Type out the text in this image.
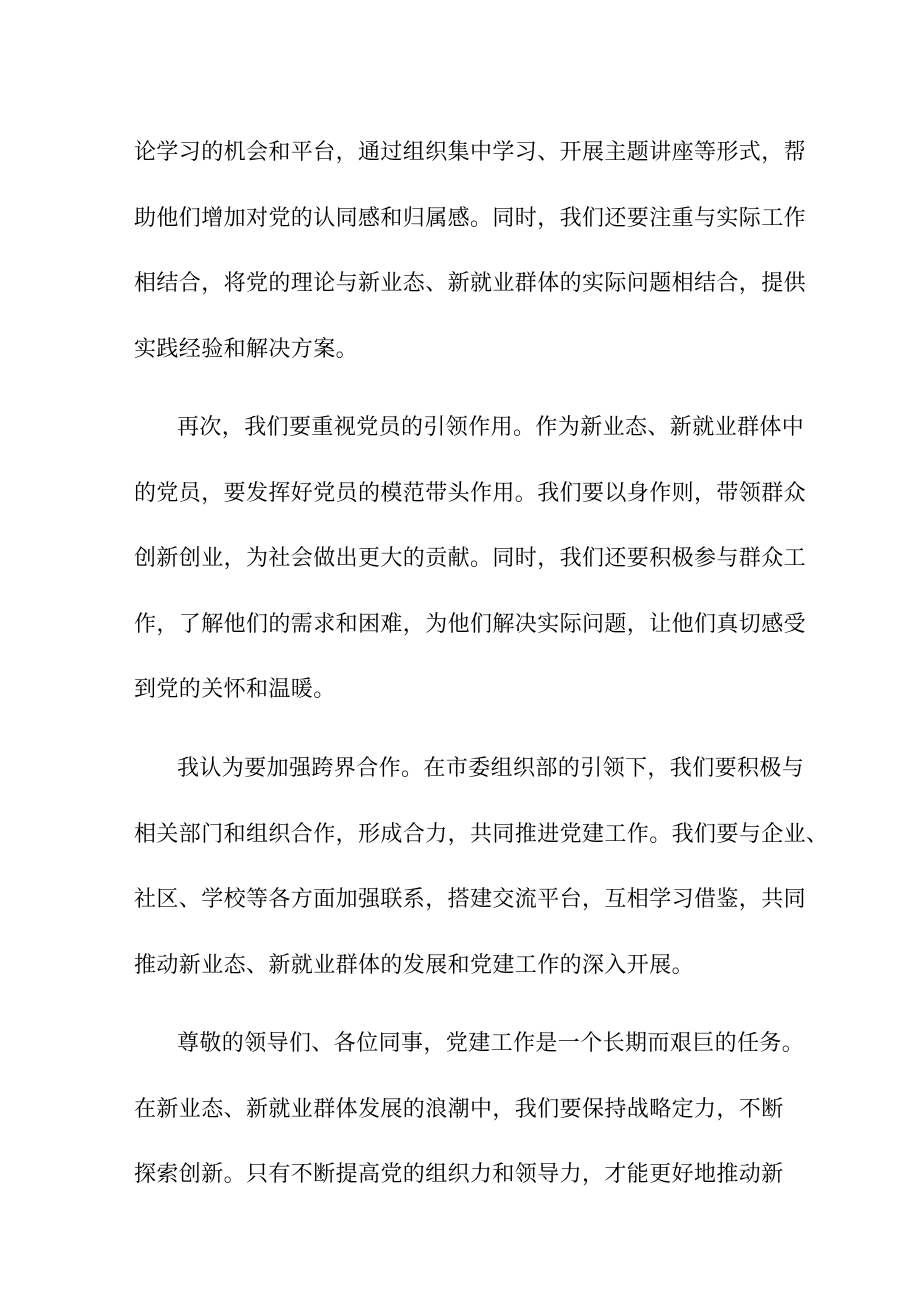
论学习的机会和平台，通过组织集中学习、开展主题讲座等形式，帮
助他们增加对党的认同感和归属感。同时，我们还要注重与实际工作
相结合，将党的理论与新业态、新就业群体的实际问题相结合，提供
实践经验和解决方案。
再次，我们要重视党员的引领作用。作为新业态、新就业群体中
的党员，要发挥好党员的模范带头作用。我们要以身作则，带领群众
创新创业，为社会做出更大的贡献。同时，我们还要积极参与群众工
作，了解他们的需求和困难，为他们解决实际问题，让他们真切感受
到党的关怀和温暖。
我认为要加强跨界合作。在市委组织部的引领下，我们要积极与
相关部门和组织合作，形成合力，共同推进党建工作。我们要与企业、
社区、学校等各方面加强联系，搭建交流平台，互相学习借鉴，共同
推动新业态、新就业群体的发展和党建工作的深入开展。
尊敬的领导们、各位同事，党建工作是一个长期而艰巨的任务。
在新业态、新就业群体发展的浪潮中，我们要保持战略定力，不断
探索创新。只有不断提高党的组织力和领导力，才能更好地推动新
